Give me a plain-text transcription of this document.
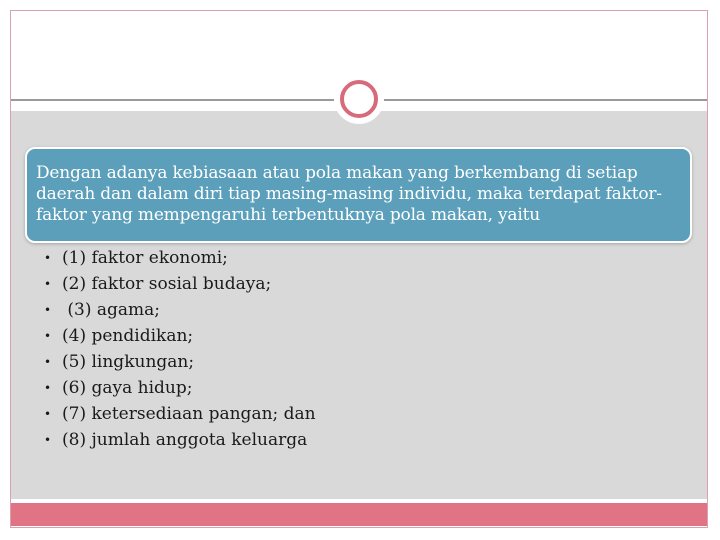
Dengan adanya kebiasaan atau pola makan yang berkembang di setiap daerah dan dalam diri tiap masing-masing individu, maka terdapat faktor-faktor yang mempengaruhi terbentuknya pola makan, yaitu

• (1) faktor ekonomi;
• (2) faktor sosial budaya;
• (3) agama;
• (4) pendidikan;
• (5) lingkungan;
• (6) gaya hidup;
• (7) ketersediaan pangan; dan
• (8) jumlah anggota keluarga
